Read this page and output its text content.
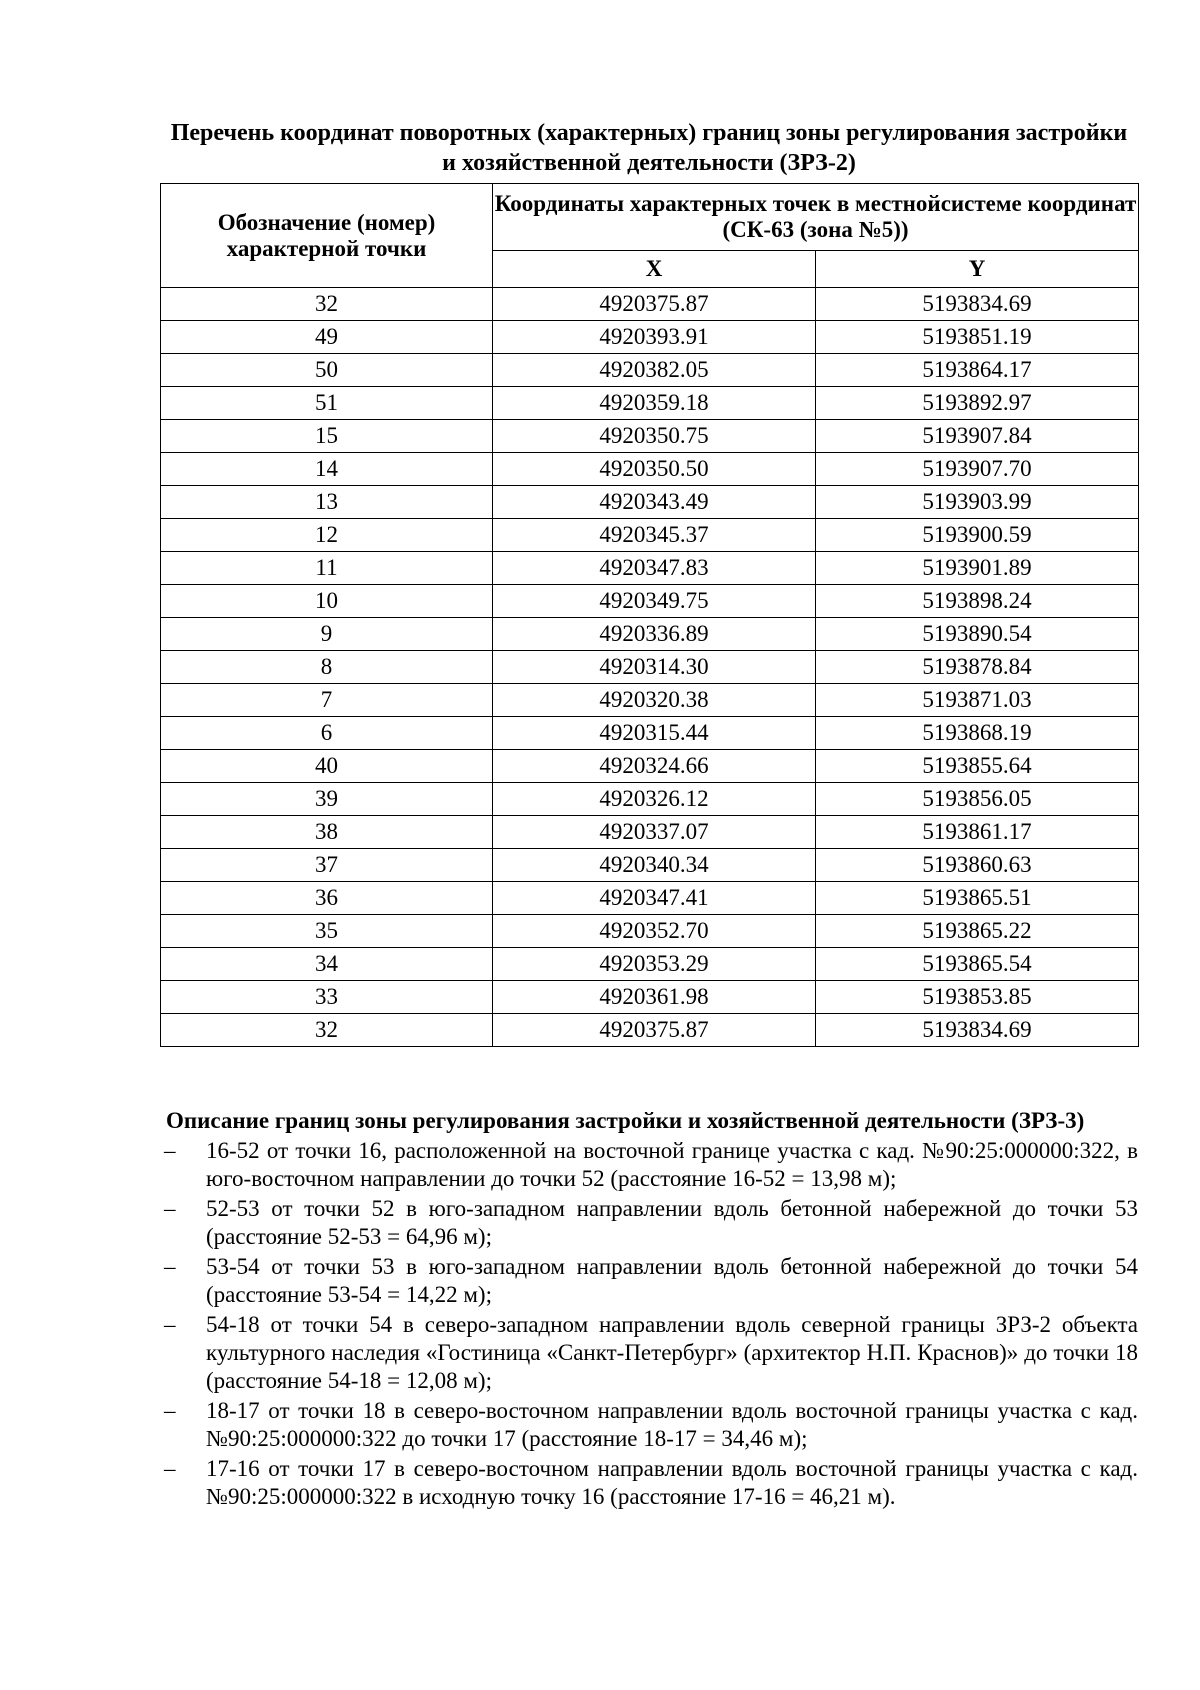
Перечень координат поворотных (характерных) границ зоны регулирования застройки
и хозяйственной деятельности (ЗРЗ-2)
Обозначение (номер) характерной точки	Координаты характерных точек в местнойсистеме координат (СК-63 (зона №5))	
	X	Y
32	4920375.87	5193834.69
49	4920393.91	5193851.19
50	4920382.05	5193864.17
51	4920359.18	5193892.97
15	4920350.75	5193907.84
14	4920350.50	5193907.70
13	4920343.49	5193903.99
12	4920345.37	5193900.59
11	4920347.83	5193901.89
10	4920349.75	5193898.24
9	4920336.89	5193890.54
8	4920314.30	5193878.84
7	4920320.38	5193871.03
6	4920315.44	5193868.19
40	4920324.66	5193855.64
39	4920326.12	5193856.05
38	4920337.07	5193861.17
37	4920340.34	5193860.63
36	4920347.41	5193865.51
35	4920352.70	5193865.22
34	4920353.29	5193865.54
33	4920361.98	5193853.85
32	4920375.87	5193834.69
Описание границ зоны регулирования застройки и хозяйственной деятельности (ЗРЗ-3)
– 16-52 от точки 16, расположенной на восточной границе участка с кад. №90:25:000000:322, в юго-восточном направлении до точки 52 (расстояние 16-52 = 13,98 м);
– 52-53 от точки 52 в юго-западном направлении вдоль бетонной набережной до точки 53 (расстояние 52-53 = 64,96 м);
– 53-54 от точки 53 в юго-западном направлении вдоль бетонной набережной до точки 54 (расстояние 53-54 = 14,22 м);
– 54-18 от точки 54 в северо-западном направлении вдоль северной границы ЗРЗ-2 объекта культурного наследия «Гостиница «Санкт-Петербург» (архитектор Н.П. Краснов)» до точки 18 (расстояние 54-18 = 12,08 м);
– 18-17 от точки 18 в северо-восточном направлении вдоль восточной границы участка с кад. №90:25:000000:322 до точки 17 (расстояние 18-17 = 34,46 м);
– 17-16 от точки 17 в северо-восточном направлении вдоль восточной границы участка с кад. №90:25:000000:322 в исходную точку 16 (расстояние 17-16 = 46,21 м).
